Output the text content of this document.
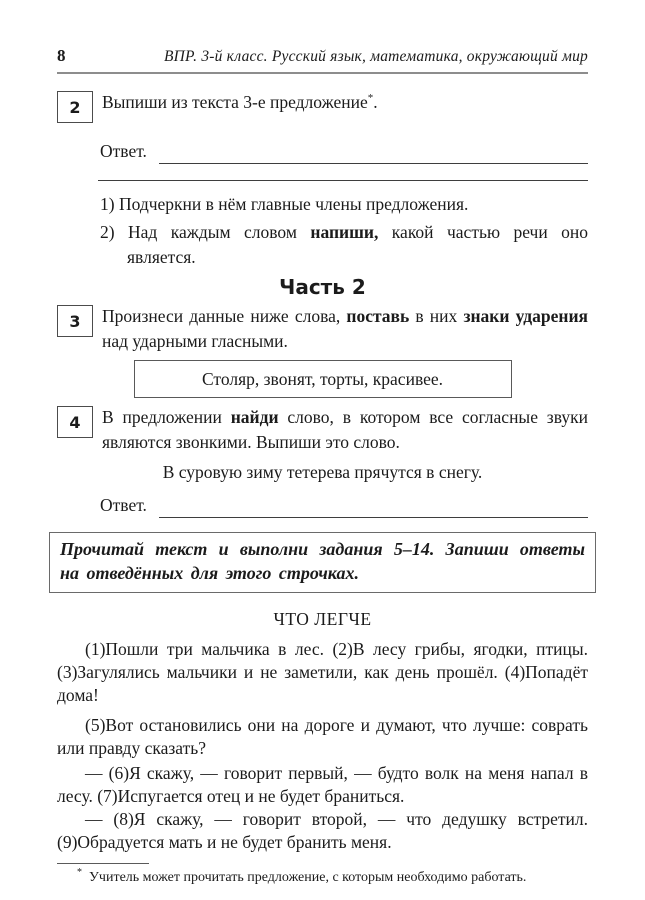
8	ВПР. 3-й класс. Русский язык, математика, окружающий мир
2	Выпиши из текста 3-е предложение*.
Ответ.
1) Подчеркни в нём главные члены предложения.
2) Над каждым словом напиши, какой частью речи оно является.
Часть 2
3	Произнеси данные ниже слова, поставь в них знаки ударения над ударными гласными.
Столяр, звонят, торты, красивее.
4	В предложении найди слово, в котором все согласные звуки являются звонкими. Выпиши это слово.
В суровую зиму тетерева прячутся в снегу.
Ответ.
Прочитай текст и выполни задания 5–14. Запиши ответы на отведённых для этого строчках.
ЧТО ЛЕГЧЕ

(1)Пошли три мальчика в лес. (2)В лесу грибы, ягодки, птицы. (3)Загулялись мальчики и не заметили, как день прошёл. (4)Попадёт дома!

(5)Вот остановились они на дороге и думают, что лучше: соврать или правду сказать?

— (6)Я скажу, — говорит первый, — будто волк на меня напал в лесу. (7)Испугается отец и не будет браниться.

— (8)Я скажу, — говорит второй, — что дедушку встретил. (9)Обрадуется мать и не будет бранить меня.

* Учитель может прочитать предложение, с которым необходимо работать.
